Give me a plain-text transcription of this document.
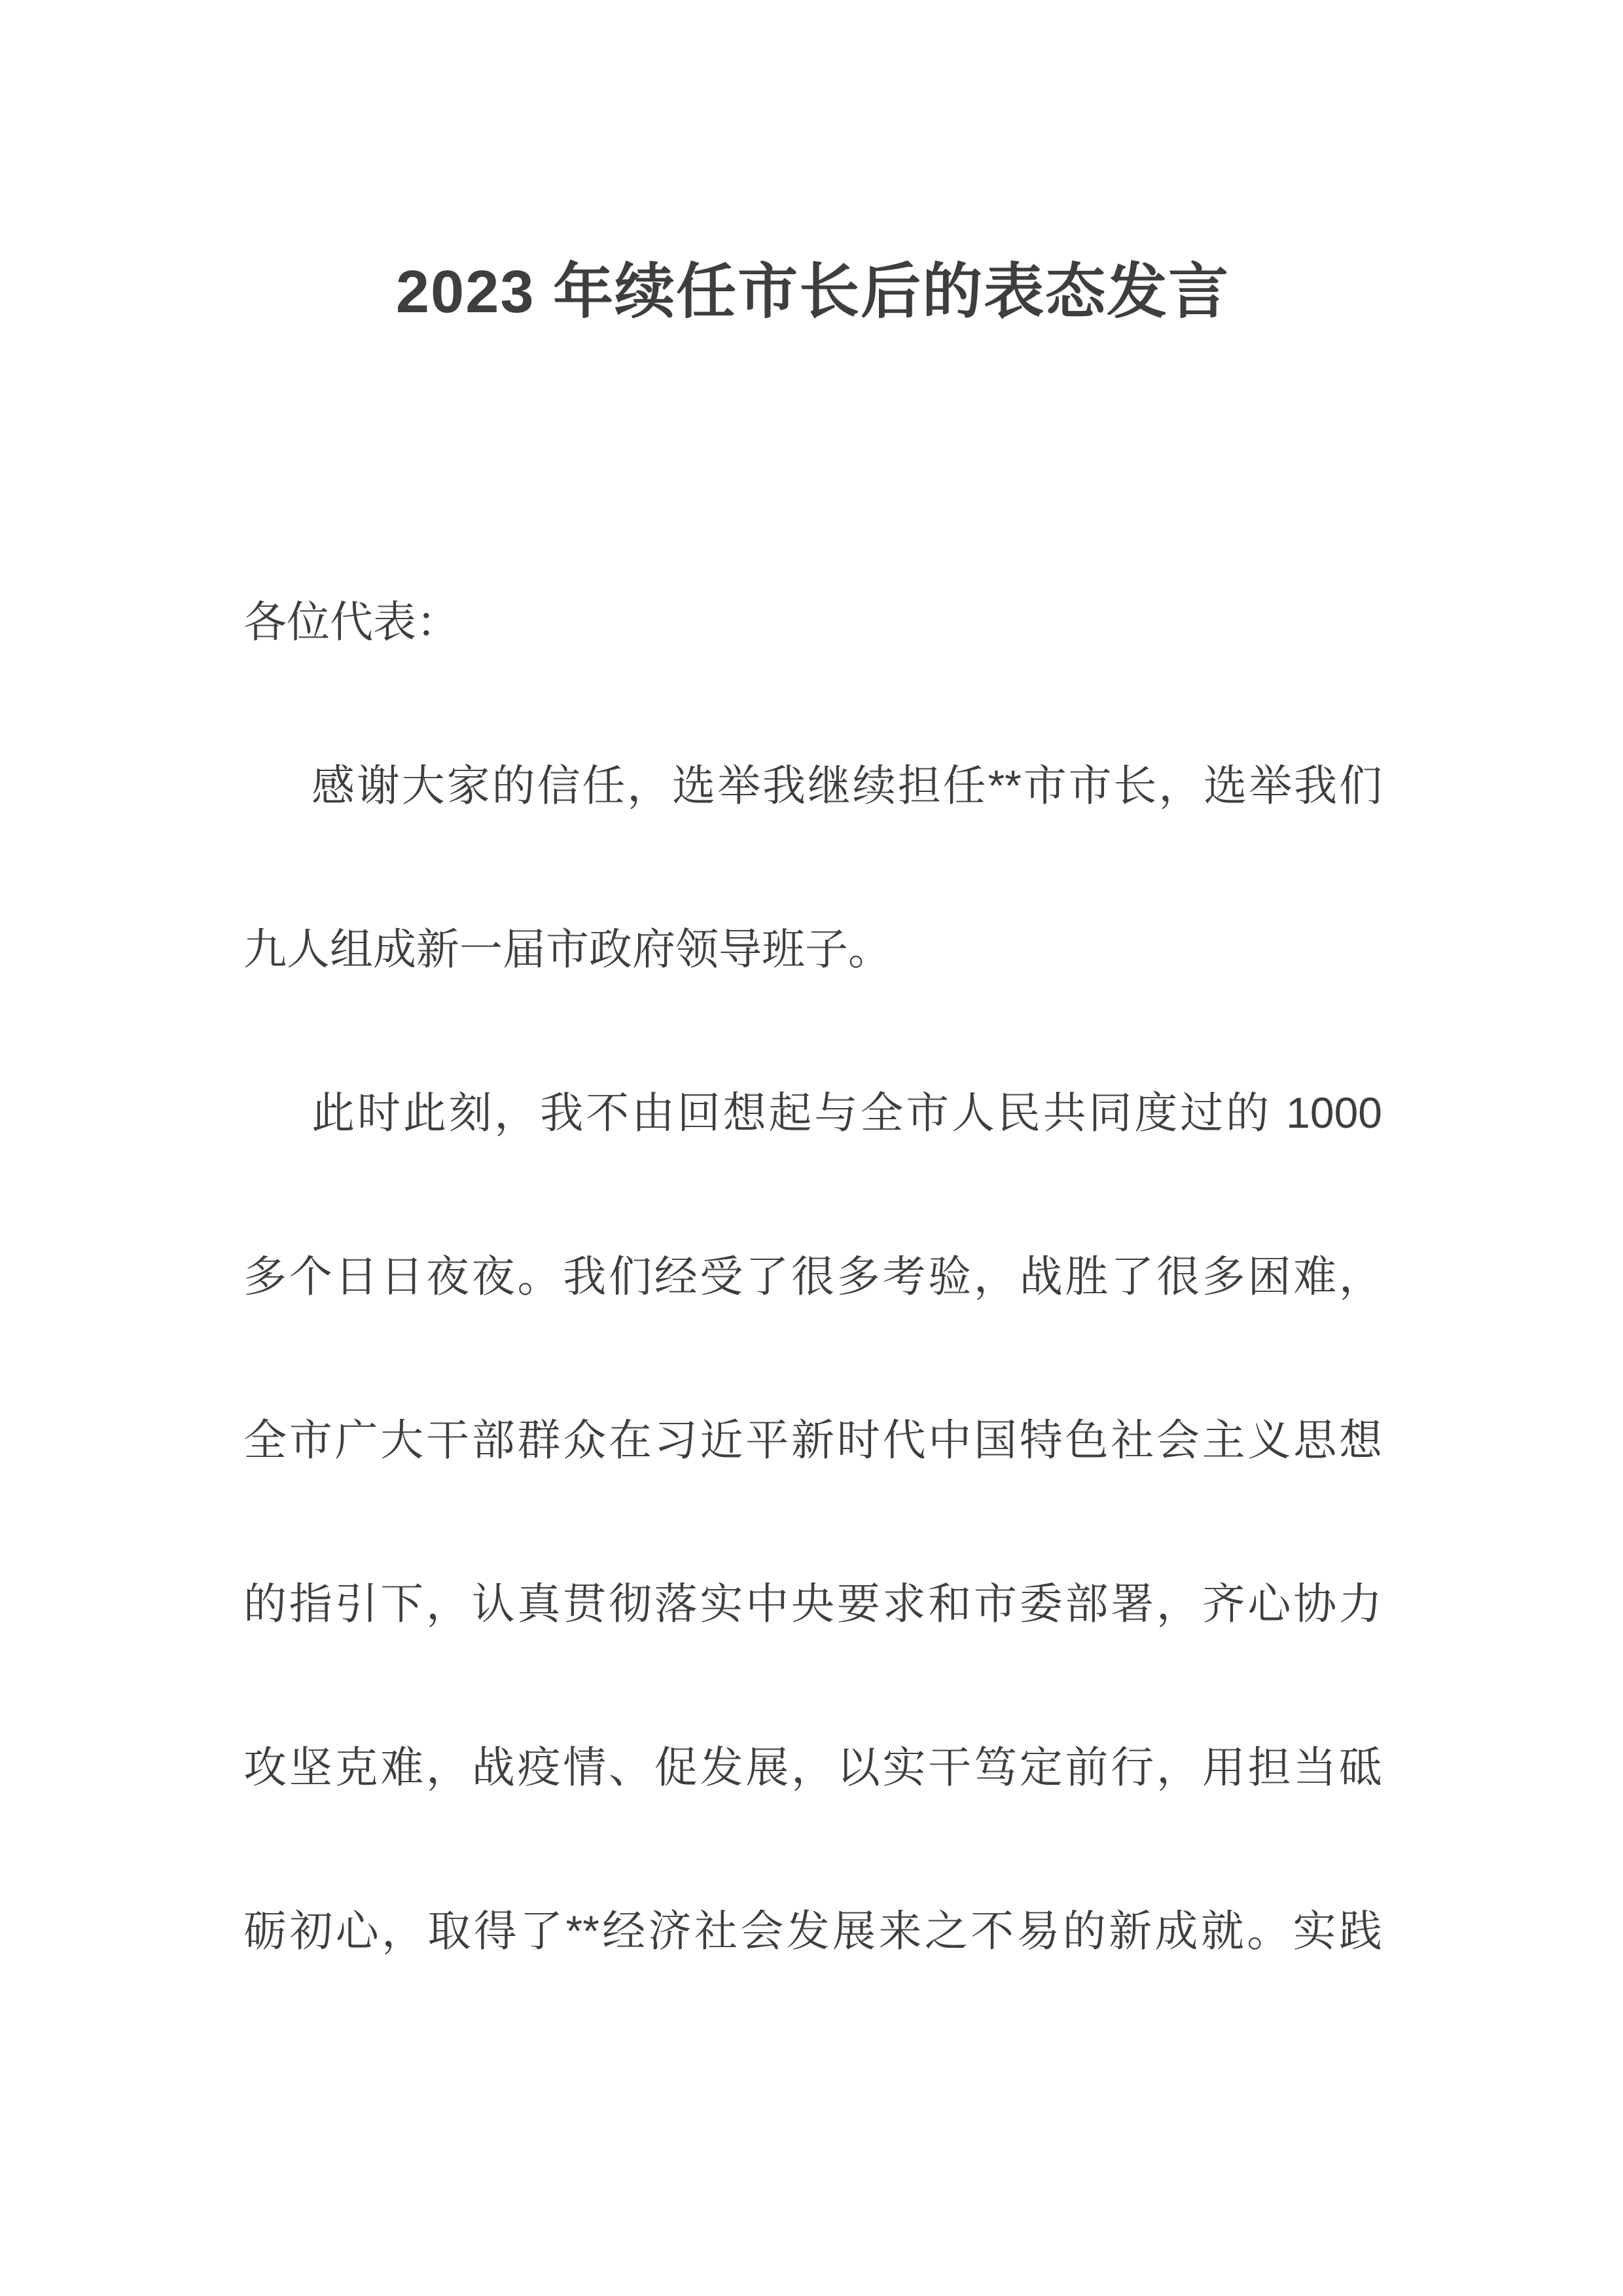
2023 年续任市长后的表态发言
各位代表：
感谢大家的信任，选举我继续担任**市市长，选举我们
九人组成新一届市政府领导班子。
此时此刻，我不由回想起与全市人民共同度过的 1000
多个日日夜夜。我们经受了很多考验，战胜了很多困难，
全市广大干部群众在习近平新时代中国特色社会主义思想
的指引下，认真贯彻落实中央要求和市委部署，齐心协力
攻坚克难，战疫情、促发展，以实干笃定前行，用担当砥
砺初心，取得了**经济社会发展来之不易的新成就。实践
